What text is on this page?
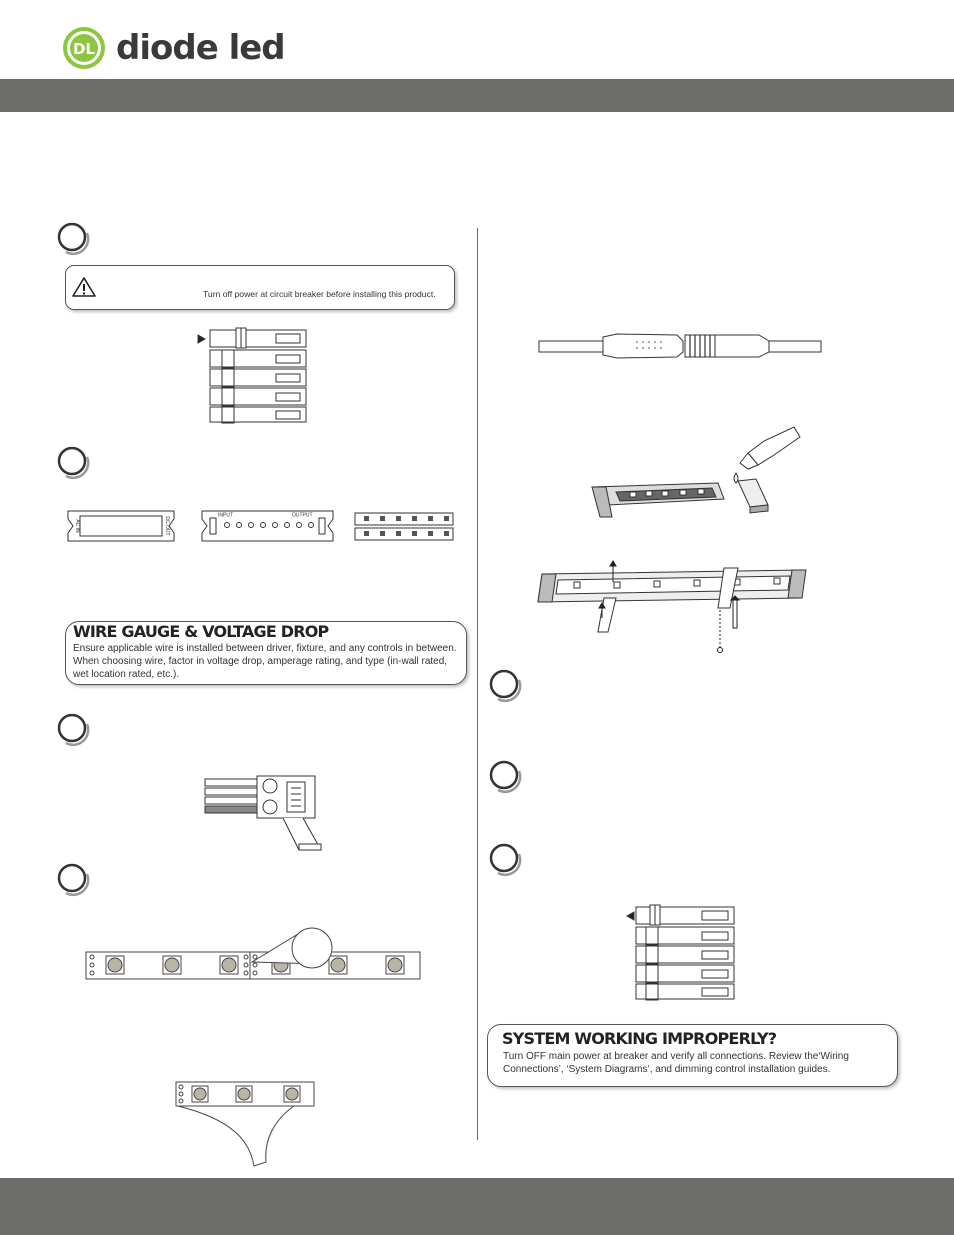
DL diode led
Turn off power at circuit breaker before installing this product.
AC IN	DC OUT
INPUT	OUTPUT
WIRE GAUGE & VOLTAGE DROP
Ensure applicable wire is installed between driver, fixture, and any controls in between. When choosing wire, factor in voltage drop, amperage rating, and type (in-wall rated, wet location rated, etc.).
SYSTEM WORKING IMPROPERLY?
Turn OFF main power at breaker and verify all connections. Review the‘Wiring Connections’, ‘System Diagrams’, and dimming control installation guides.
